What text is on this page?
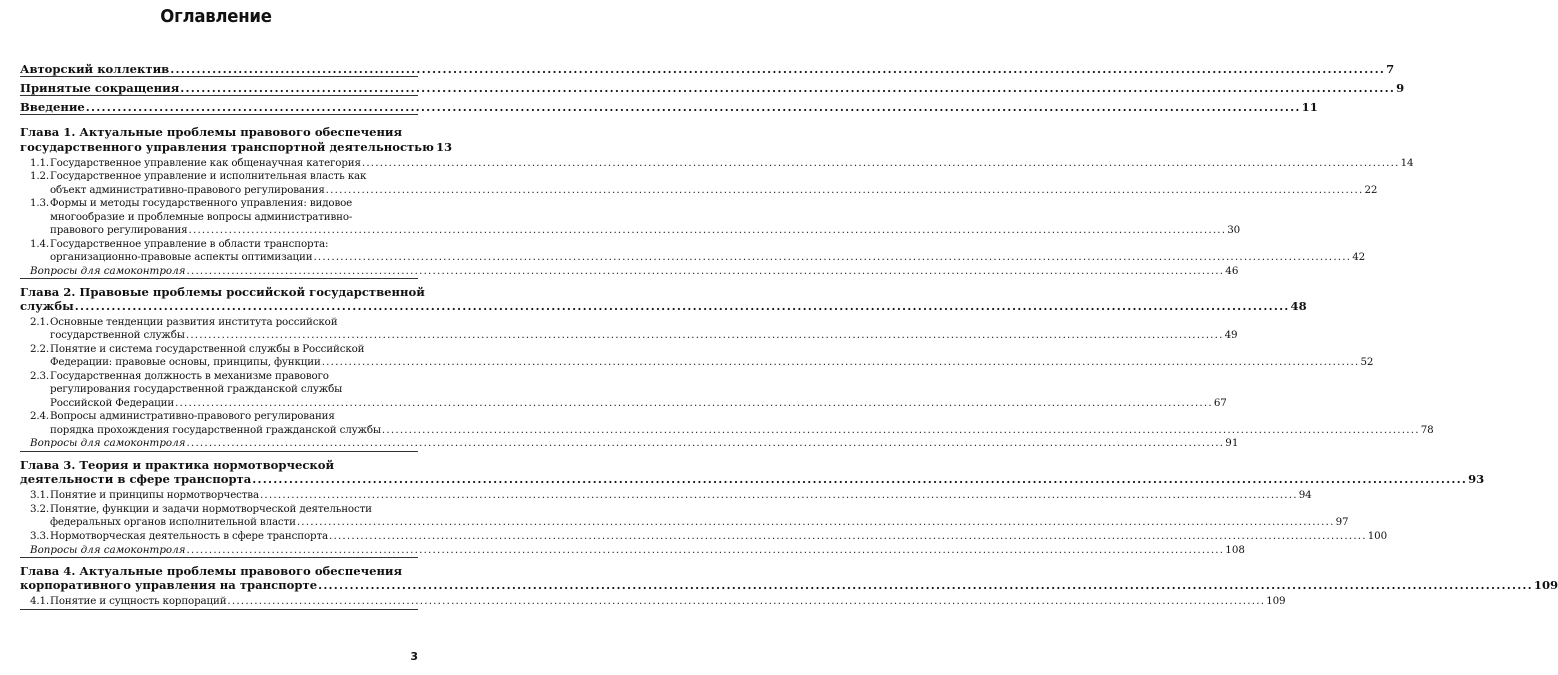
Оглавление
Авторский коллектив .....	7
Принятые сокращения .....	9
Введение .....	11
Глава 1. Актуальные проблемы правового обеспечения
государственного управления транспортной деятельностью 13
1.1. Государственное управление как общенаучная категория .....	14
1.2. Государственное управление и исполнительная власть как
объект административно-правового регулирования .....	22
1.3. Формы и методы государственного управления: видовое
многообразие и проблемные вопросы административно-
правового регулирования .....	30
1.4. Государственное управление в области транспорта:
организационно-правовые аспекты оптимизации .....	42
Вопросы для самоконтроля .....	46
Глава 2. Правовые проблемы российской государственной
службы .....	48
2.1. Основные тенденции развития института российской
государственной службы .....	49
2.2. Понятие и система государственной службы в Российской
Федерации: правовые основы, принципы, функции .....	52
2.3. Государственная должность в механизме правового
регулирования государственной гражданской службы
Российской Федерации .....	67
2.4. Вопросы административно-правового регулирования
порядка прохождения государственной гражданской службы .....	78
Вопросы для самоконтроля .....	91
Глава 3. Теория и практика нормотворческой
деятельности в сфере транспорта .....	93
3.1. Понятие и принципы нормотворчества .....	94
3.2. Понятие, функции и задачи нормотворческой деятельности
федеральных органов исполнительной власти .....	97
3.3. Нормотворческая деятельность в сфере транспорта .....	100
Вопросы для самоконтроля .....	108
Глава 4. Актуальные проблемы правового обеспечения
корпоративного управления на транспорте .....	109
4.1. Понятие и сущность корпораций .....	109
3
